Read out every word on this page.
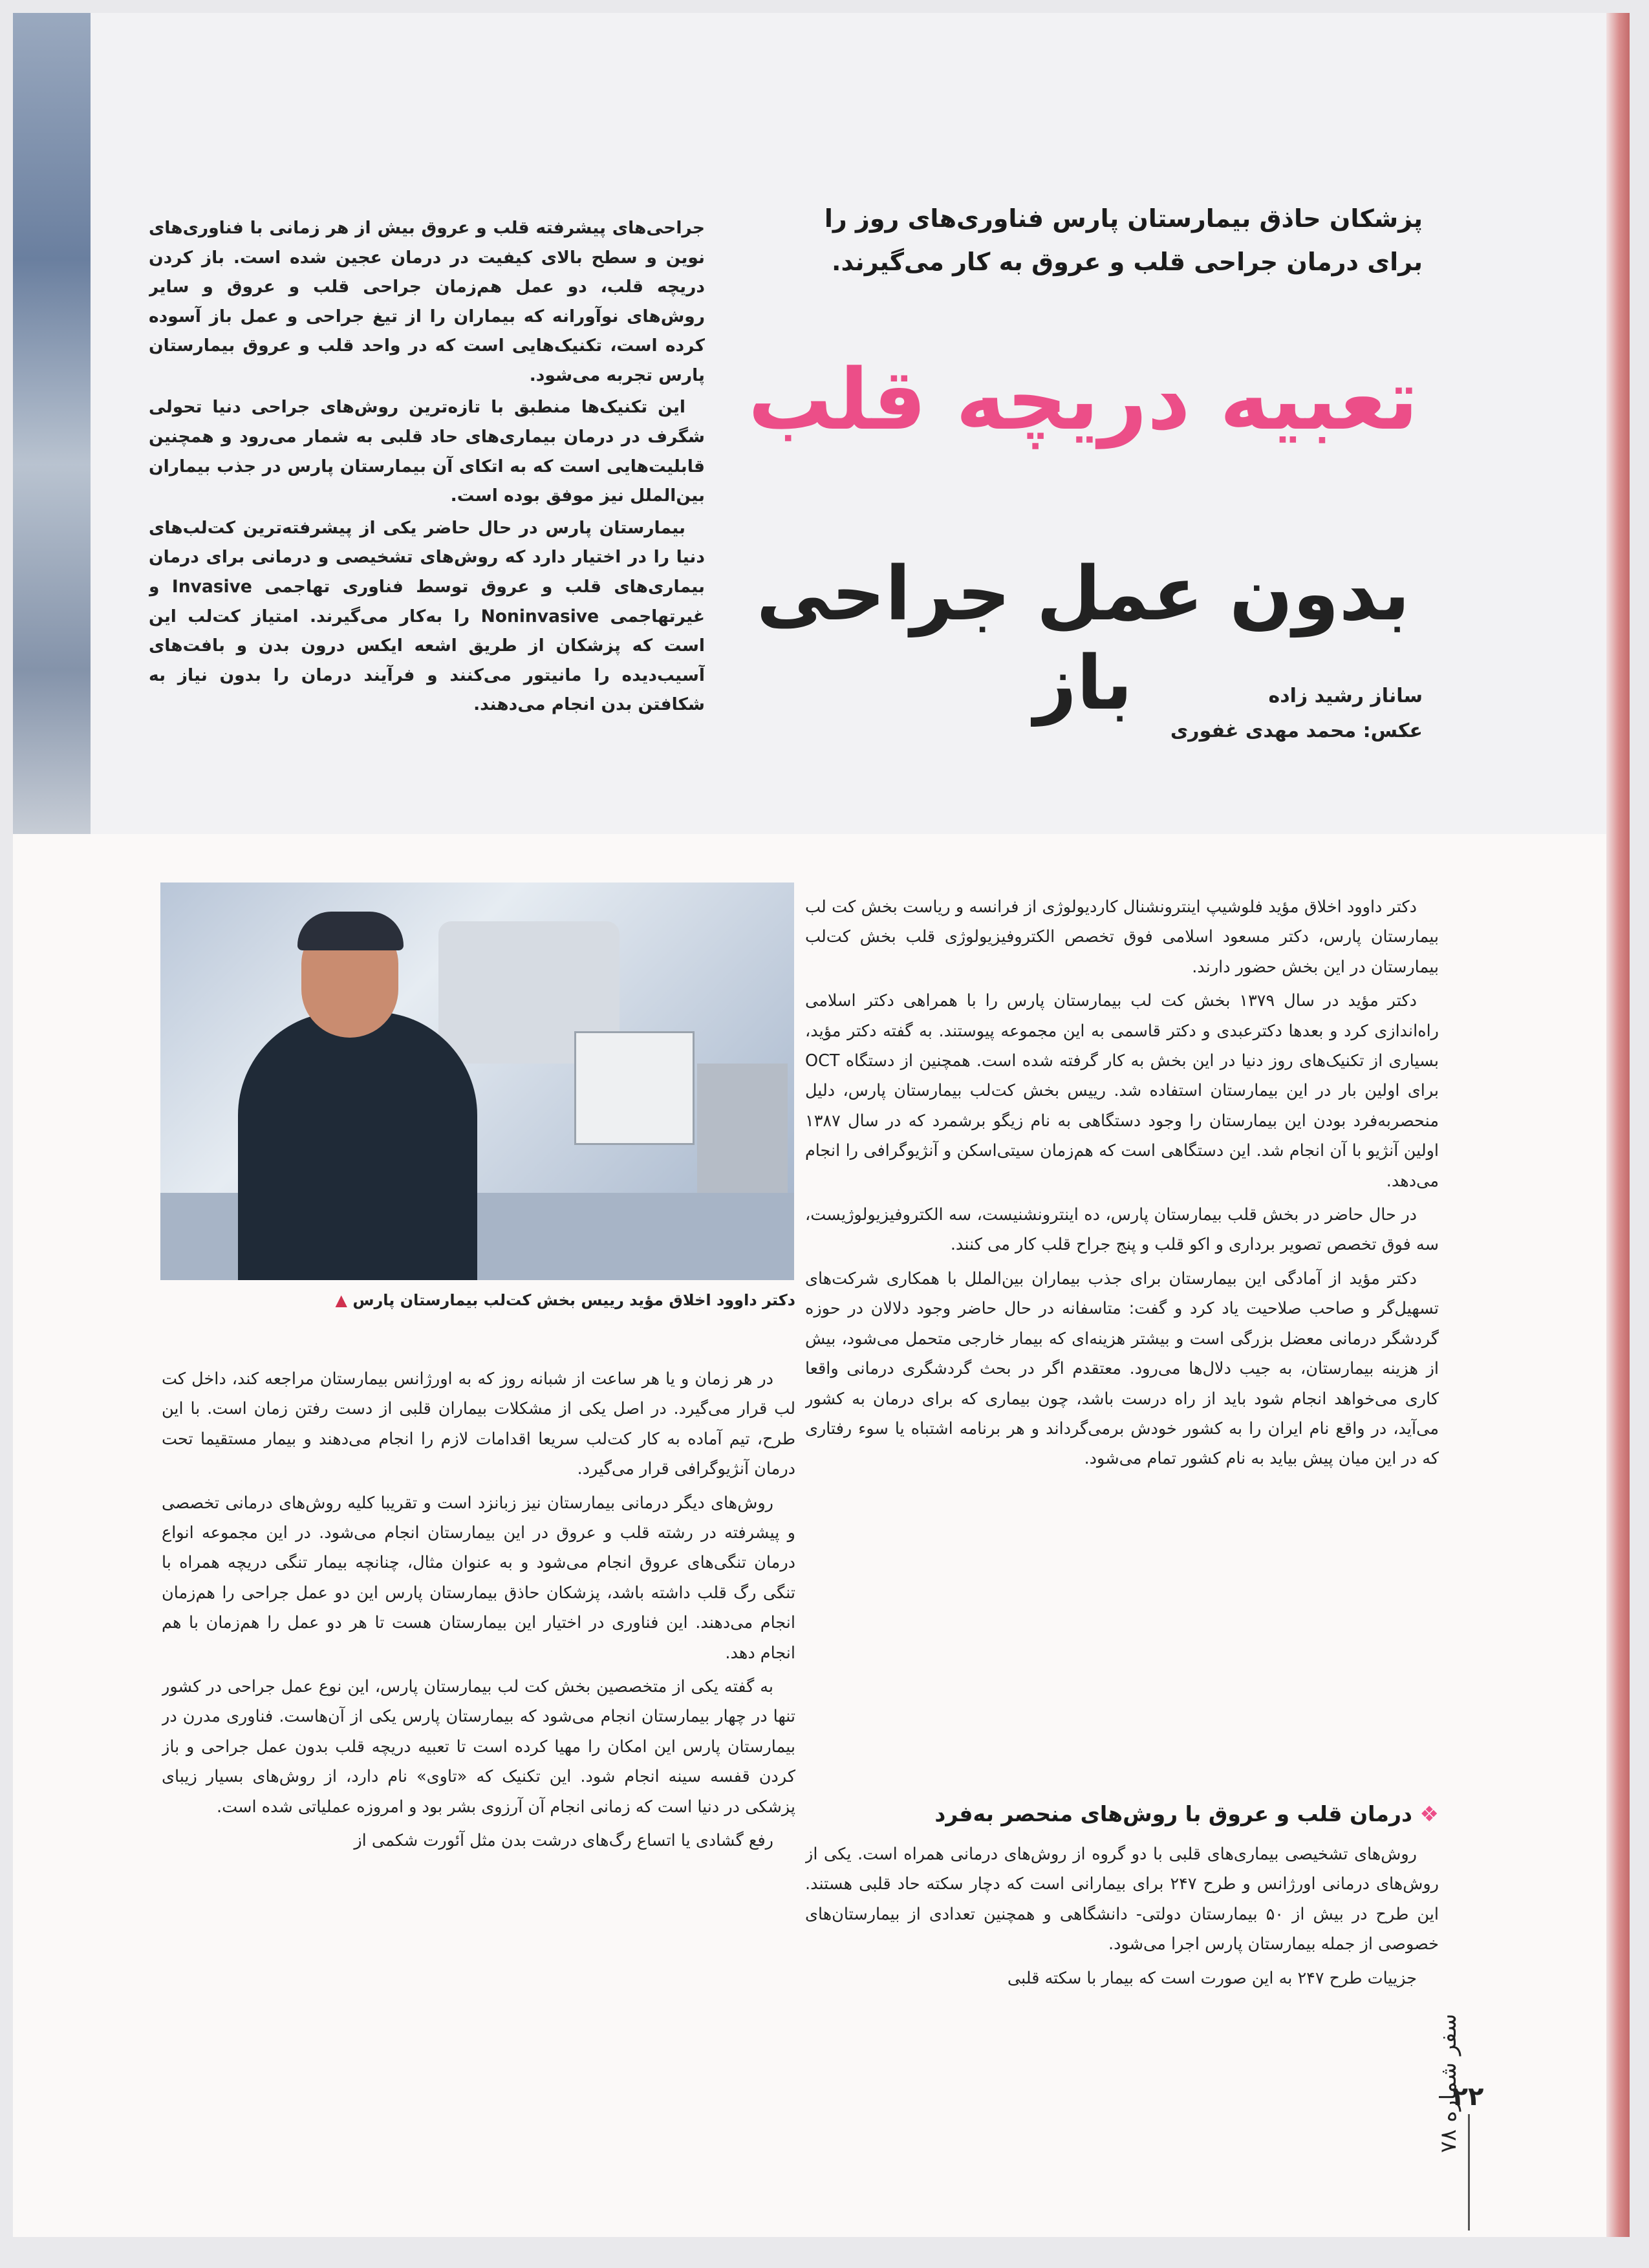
پزشکان حاذق بیمارستان پارس فناوری‌های روز را برای درمان جراحی قلب و عروق به کار می‌گیرند.
تعبیه دریچه قلب
بدون عمل جراحی باز	ساناز رشید زاده
عکس: محمد مهدی غفوری

جراحی‌های پیشرفته قلب و عروق بیش از هر زمانی با فناوری‌های نوین و سطح بالای کیفیت در درمان عجین شده است. باز کردن دریچه قلب، دو عمل هم‌زمان جراحی قلب و عروق و سایر روش‌های نوآورانه که بیماران را از تیغ جراحی و عمل باز آسوده کرده است، تکنیک‌هایی است که در واحد قلب و عروق بیمارستان پارس تجربه می‌شود.

این تکنیک‌ها منطبق با تازه‌ترین روش‌های جراحی دنیا تحولی شگرف در درمان بیماری‌های حاد قلبی به شمار می‌رود و همچنین قابلیت‌هایی است که به اتکای آن بیمارستان پارس در جذب بیماران بین‌الملل نیز موفق بوده است.

بیمارستان پارس در حال حاضر یکی از پیشرفته‌ترین کت‌لب‌های دنیا را در اختیار دارد که روش‌های تشخیصی و درمانی برای درمان بیماری‌های قلب و عروق توسط فناوری تهاجمی Invasive و غیرتهاجمی Noninvasive را به‌کار می‌گیرند. امتیاز کت‌لب این است که پزشکان از طریق اشعه ایکس درون بدن و بافت‌های آسیب‌دیده را مانیتور می‌کنند و فرآیند درمان را بدون نیاز به شکافتن بدن انجام می‌دهند.

دکتر داوود اخلاق مؤید رییس بخش کت‌لب بیمارستان پارس ▲

دکتر داوود اخلاق مؤید فلوشیپ اینترونشنال کاردیولوژی از فرانسه و ریاست بخش کت لب بیمارستان پارس، دکتر مسعود اسلامی فوق تخصص الکتروفیزیولوژی قلب بخش کت‌لب بیمارستان در این بخش حضور دارند.

دکتر مؤید در سال ۱۳۷۹ بخش کت لب بیمارستان پارس را با همراهی دکتر اسلامی راه‌اندازی کرد و بعدها دکترعبدی و دکتر قاسمی به این مجموعه پیوستند. به گفته دکتر مؤید، بسیاری از تکنیک‌های روز دنیا در این بخش به کار گرفته شده است. همچنین از دستگاه OCT برای اولین بار در این بیمارستان استفاده شد. رییس بخش کت‌لب بیمارستان پارس، دلیل منحصربه‌فرد بودن این بیمارستان را وجود دستگاهی به نام زیگو برشمرد که در سال ۱۳۸۷ اولین آنژیو با آن انجام شد. این دستگاهی است که هم‌زمان سیتی‌اسکن و آنژیوگرافی را انجام می‌دهد.

در حال حاضر در بخش قلب بیمارستان پارس، ده اینترونشنیست، سه الکتروفیزیولوژیست، سه فوق تخصص تصویر برداری و اکو قلب و پنج جراح قلب کار می کنند.

دکتر مؤید از آمادگی این بیمارستان برای جذب بیماران بین‌الملل با همکاری شرکت‌های تسهیل‌گر و صاحب صلاحیت یاد کرد و گفت: متاسفانه در حال حاضر وجود دلالان در حوزه گردشگر درمانی معضل بزرگی است و بیشتر هزینه‌ای که بیمار خارجی متحمل می‌شود، بیش از هزینه بیمارستان، به جیب دلال‌ها می‌رود. معتقدم اگر در بحث گردشگری درمانی واقعا کاری می‌خواهد انجام شود باید از راه درست باشد، چون بیماری که برای درمان به کشور می‌آید، در واقع نام ایران را به کشور خودش برمی‌گرداند و هر برنامه اشتباه یا سوء رفتاری که در این میان پیش بیاید به نام کشور تمام می‌شود.

❖ درمان قلب و عروق با روش‌های منحصر به‌فرد

روش‌های تشخیصی بیماری‌های قلبی با دو گروه از روش‌های درمانی همراه است. یکی از روش‌های درمانی اورژانس و طرح ۲۴۷ برای بیمارانی است که دچار سکته حاد قلبی هستند. این طرح در بیش از ۵۰ بیمارستان دولتی- دانشگاهی و همچنین تعدادی از بیمارستان‌های خصوصی از جمله بیمارستان پارس اجرا می‌شود.

جزییات طرح ۲۴۷ به این صورت است که بیمار با سکته قلبی

در هر زمان و یا هر ساعت از شبانه روز که به اورژانس بیمارستان مراجعه کند، داخل کت لب قرار می‌گیرد. در اصل یکی از مشکلات بیماران قلبی از دست رفتن زمان است. با این طرح، تیم آماده به کار کت‌لب سریعا اقدامات لازم را انجام می‌دهند و بیمار مستقیما تحت درمان آنژیوگرافی قرار می‌گیرد.

روش‌های دیگر درمانی بیمارستان نیز زبانزد است و تقریبا کلیه روش‌های درمانی تخصصی و پیشرفته در رشته قلب و عروق در این بیمارستان انجام می‌شود. در این مجموعه انواع درمان تنگی‌های عروق انجام می‌شود و به عنوان مثال، چنانچه بیمار تنگی دریچه همراه با تنگی رگ قلب داشته باشد، پزشکان حاذق بیمارستان پارس این دو عمل جراحی را هم‌زمان انجام می‌دهند. این فناوری در اختیار این بیمارستان هست تا هر دو عمل را هم‌زمان با هم انجام دهد.

به گفته یکی از متخصصین بخش کت لب بیمارستان پارس، این نوع عمل جراحی در کشور تنها در چهار بیمارستان انجام می‌شود که بیمارستان پارس یکی از آن‌هاست. فناوری مدرن در بیمارستان پارس این امکان را مهیا کرده است تا تعبیه دریچه قلب بدون عمل جراحی و باز کردن قفسه سینه انجام شود. این تکنیک که «تاوی» نام دارد، از روش‌های بسیار زیبای پزشکی در دنیا است که زمانی انجام آن آرزوی بشر بود و امروزه عملیاتی شده است.

رفع گشادی یا اتساع رگ‌های درشت بدن مثل آئورت شکمی از

۲۲
سفر شماره ۷۸
